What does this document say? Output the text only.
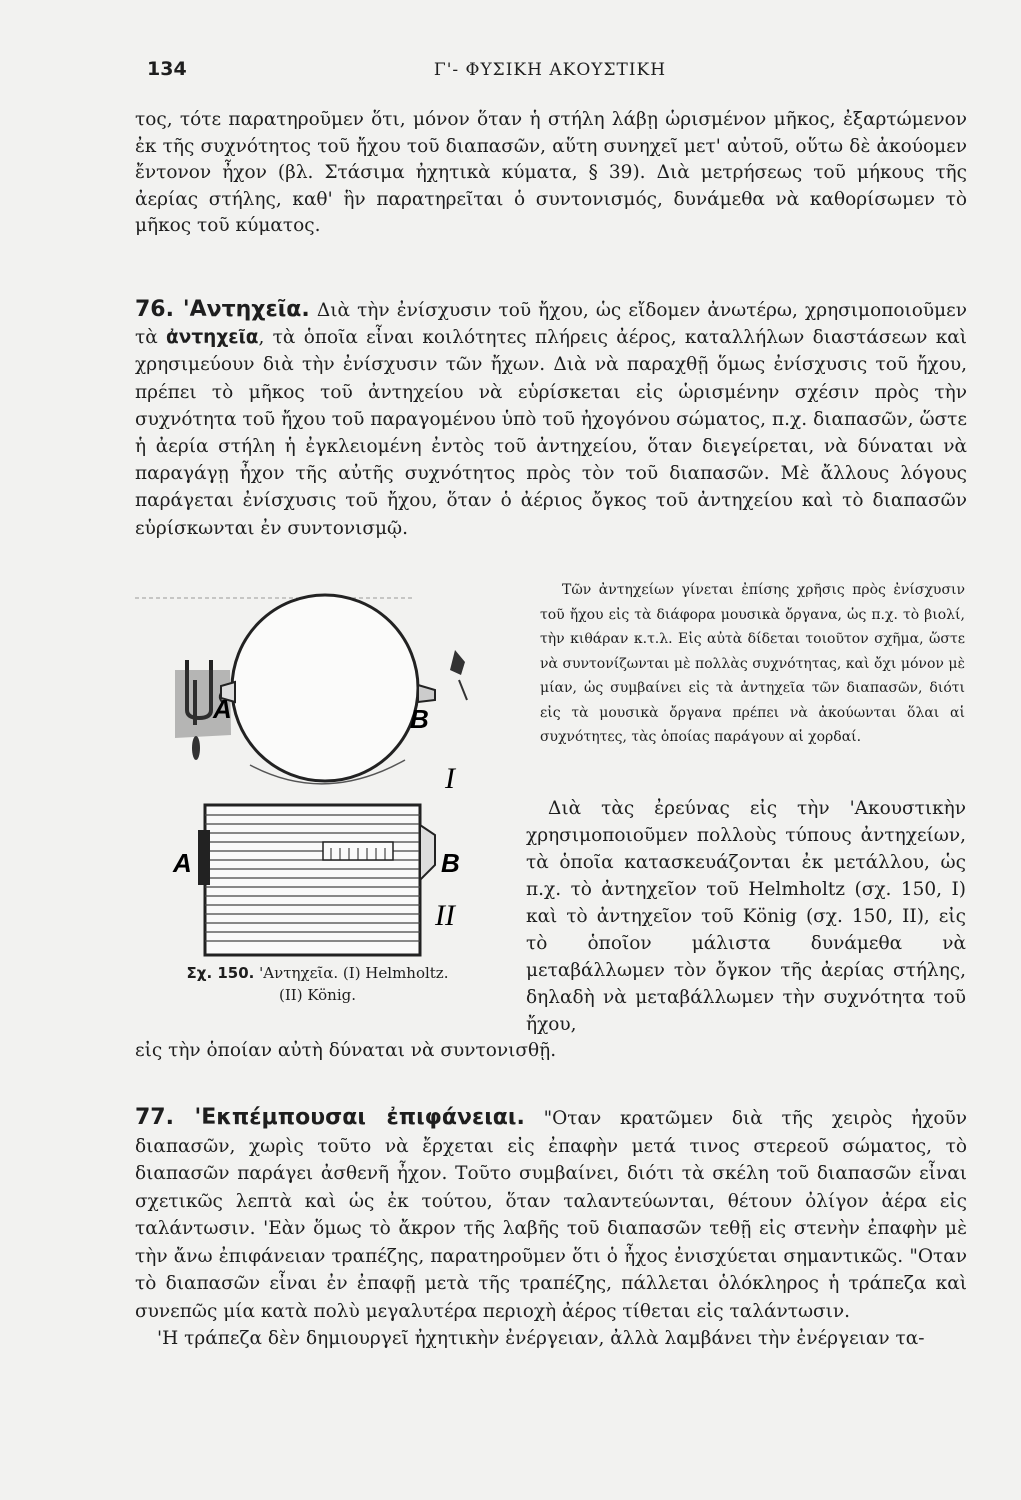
134	Γ'- ΦΥΣΙΚΗ ΑΚΟΥΣΤΙΚΗ

τος, τότε παρατηροῦμεν ὅτι, μόνον ὅταν ἡ στήλη λάβῃ ὡρισμένον μῆκος, ἐξαρτώμενον ἐκ τῆς συχνότητος τοῦ ἤχου τοῦ διαπασῶν, αὕτη συνηχεῖ μετ' αὐτοῦ, οὕτω δὲ ἀκούομεν ἔντονον ἦχον (βλ. Στάσιμα ἠχητικὰ κύματα, § 39). Διὰ μετρήσεως τοῦ μήκους τῆς ἀερίας στήλης, καθ' ἣν παρατηρεῖται ὁ συντονισμός, δυνάμεθα νὰ καθορίσωμεν τὸ μῆκος τοῦ κύματος.

76. 'Αντηχεῖα. Διὰ τὴν ἐνίσχυσιν τοῦ ἤχου, ὡς εἴδομεν ἀνωτέρω, χρησιμοποιοῦμεν τὰ ἀντηχεῖα, τὰ ὁποῖα εἶναι κοιλότητες πλήρεις ἀέρος, καταλλήλων διαστάσεων καὶ χρησιμεύουν διὰ τὴν ἐνίσχυσιν τῶν ἤχων. Διὰ νὰ παραχθῇ ὅμως ἐνίσχυσις τοῦ ἤχου, πρέπει τὸ μῆκος τοῦ ἀντηχείου νὰ εὑρίσκεται εἰς ὡρισμένην σχέσιν πρὸς τὴν συχνότητα τοῦ ἤχου τοῦ παραγομένου ὑπὸ τοῦ ἠχογόνου σώματος, π.χ. διαπασῶν, ὥστε ἡ ἀερία στήλη ἡ ἐγκλειομένη ἐντὸς τοῦ ἀντηχείου, ὅταν διεγείρεται, νὰ δύναται νὰ παραγάγῃ ἦχον τῆς αὐτῆς συχνότητος πρὸς τὸν τοῦ διαπασῶν. Μὲ ἄλλους λόγους παράγεται ἐνίσχυσις τοῦ ἤχου, ὅταν ὁ ἀέριος ὄγκος τοῦ ἀντηχείου καὶ τὸ διαπασῶν εὑρίσκωνται ἐν συντονισμῷ.

Τῶν ἀντηχείων γίνεται ἐπίσης χρῆσις πρὸς ἐνίσχυσιν τοῦ ἤχου εἰς τὰ διάφορα μουσικὰ ὄργανα, ὡς π.χ. τὸ βιολί, τὴν κιθάραν κ.τ.λ. Εἰς αὐτὰ δίδεται τοιοῦτον σχῆμα, ὥστε νὰ συντονίζωνται μὲ πολλὰς συχνότητας, καὶ ὄχι μόνον μὲ μίαν, ὡς συμβαίνει εἰς τὰ ἀντηχεῖα τῶν διαπασῶν, διότι εἰς τὰ μουσικὰ ὄργανα πρέπει νὰ ἀκούωνται ὅλαι αἱ συχνότητες, τὰς ὁποίας παράγουν αἱ χορδαί.

A	B
I
A	B
II
Σχ. 150. 'Αντηχεῖα. (I) Helmholtz.
(II) König.

Διὰ τὰς ἐρεύνας εἰς τὴν 'Ακουστικὴν χρησιμοποιοῦμεν πολλοὺς τύπους ἀντηχείων, τὰ ὁποῖα κατασκευάζονται ἐκ μετάλλου, ὡς π.χ. τὸ ἀντηχεῖον τοῦ Helmholtz (σχ. 150, I) καὶ τὸ ἀντηχεῖον τοῦ König (σχ. 150, II), εἰς τὸ ὁποῖον μάλιστα δυνάμεθα νὰ μεταβάλλωμεν τὸν ὄγκον τῆς ἀερίας στήλης, δηλαδὴ νὰ μεταβάλλωμεν τὴν συχνότητα τοῦ ἤχου,

εἰς τὴν ὁποίαν αὐτὴ δύναται νὰ συντονισθῇ.

77. 'Εκπέμπουσαι ἐπιφάνειαι. "Οταν κρατῶμεν διὰ τῆς χειρὸς ἠχοῦν διαπασῶν, χωρὶς τοῦτο νὰ ἔρχεται εἰς ἐπαφὴν μετά τινος στερεοῦ σώματος, τὸ διαπασῶν παράγει ἀσθενῆ ἦχον. Τοῦτο συμβαίνει, διότι τὰ σκέλη τοῦ διαπασῶν εἶναι σχετικῶς λεπτὰ καὶ ὡς ἐκ τούτου, ὅταν ταλαντεύωνται, θέτουν ὀλίγον ἀέρα εἰς ταλάντωσιν. 'Εὰν ὅμως τὸ ἄκρον τῆς λαβῆς τοῦ διαπασῶν τεθῇ εἰς στενὴν ἐπαφὴν μὲ τὴν ἄνω ἐπιφάνειαν τραπέζης, παρατηροῦμεν ὅτι ὁ ἦχος ἐνισχύεται σημαντικῶς. "Οταν τὸ διαπασῶν εἶναι ἐν ἐπαφῇ μετὰ τῆς τραπέζης, πάλλεται ὁλόκληρος ἡ τράπεζα καὶ συνεπῶς μία κατὰ πολὺ μεγαλυτέρα περιοχὴ ἀέρος τίθεται εἰς ταλάντωσιν.

'Η τράπεζα δὲν δημιουργεῖ ἠχητικὴν ἐνέργειαν, ἀλλὰ λαμβάνει τὴν ἐνέργειαν τα-
